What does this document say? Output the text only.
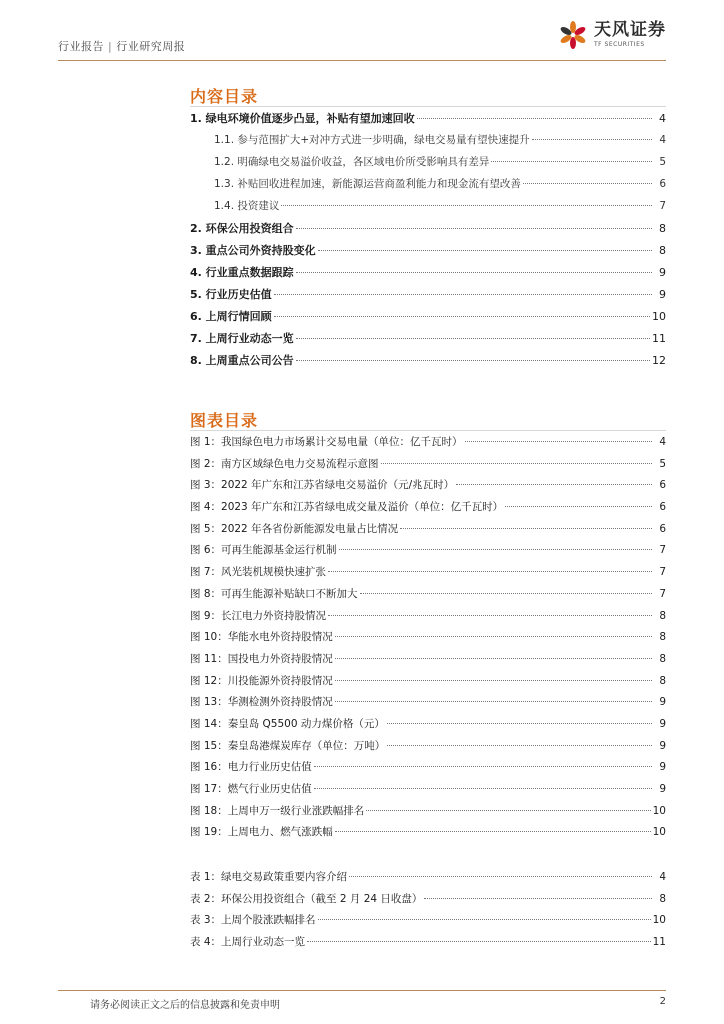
行业报告 | 行业研究周报
天风证券
TF SECURITIES
内容目录
1. 绿电环境价值逐步凸显，补贴有望加速回收	4
1.1. 参与范围扩大+对冲方式进一步明确，绿电交易量有望快速提升	4
1.2. 明确绿电交易溢价收益，各区域电价所受影响具有差异	5
1.3. 补贴回收进程加速，新能源运营商盈利能力和现金流有望改善	6
1.4. 投资建议	7
2. 环保公用投资组合	8
3. 重点公司外资持股变化	8
4. 行业重点数据跟踪	9
5. 行业历史估值	9
6. 上周行情回顾	10
7. 上周行业动态一览	11
8. 上周重点公司公告	12
图表目录
图 1：我国绿色电力市场累计交易电量（单位：亿千瓦时）	4
图 2：南方区域绿色电力交易流程示意图	5
图 3：2022 年广东和江苏省绿电交易溢价（元/兆瓦时）	6
图 4：2023 年广东和江苏省绿电成交量及溢价（单位：亿千瓦时）	6
图 5：2022 年各省份新能源发电量占比情况	6
图 6：可再生能源基金运行机制	7
图 7：风光装机规模快速扩张	7
图 8：可再生能源补贴缺口不断加大	7
图 9：长江电力外资持股情况	8
图 10：华能水电外资持股情况	8
图 11：国投电力外资持股情况	8
图 12：川投能源外资持股情况	8
图 13：华测检测外资持股情况	9
图 14：秦皇岛 Q5500 动力煤价格（元）	9
图 15：秦皇岛港煤炭库存（单位：万吨）	9
图 16：电力行业历史估值	9
图 17：燃气行业历史估值	9
图 18：上周申万一级行业涨跌幅排名	10
图 19：上周电力、燃气涨跌幅	10
表 1：绿电交易政策重要内容介绍	4
表 2：环保公用投资组合（截至 2 月 24 日收盘）	8
表 3：上周个股涨跌幅排名	10
表 4：上周行业动态一览	11
请务必阅读正文之后的信息披露和免责申明	2
